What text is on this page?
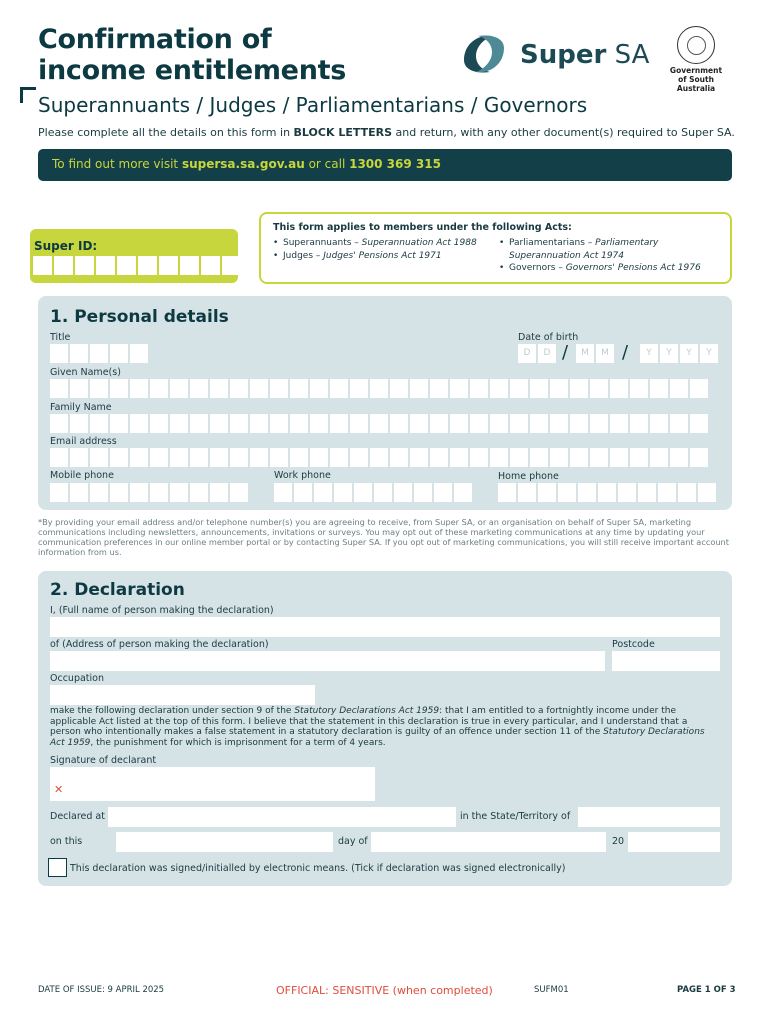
Confirmation of
income entitlements
Superannuants / Judges / Parliamentarians / Governors
Please complete all the details on this form in BLOCK LETTERS and return, with any other document(s) required to Super SA.
Super SA
Government
of South Australia
To find out more visit supersa.sa.gov.au or call 1300 369 315
Super ID:
This form applies to members under the following Acts:
• Superannuants – Superannuation Act 1988
• Judges – Judges' Pensions Act 1971
• Parliamentarians – Parliamentary Superannuation Act 1974
• Governors – Governors' Pensions Act 1976
1. Personal details
Title	Date of birth
D	D /	M	M /	Y	Y	Y	Y
Given Name(s)
Family Name
Email address
Mobile phone	Work phone	Home phone
*By providing your email address and/or telephone number(s) you are agreeing to receive, from Super SA, or an organisation on behalf of Super SA, marketing communications including newsletters, announcements, invitations or surveys. You may opt out of these marketing communications at any time by updating your communication preferences in our online member portal or by contacting Super SA. If you opt out of marketing communications, you will still receive important account information from us.
2. Declaration
I, (Full name of person making the declaration)
of (Address of person making the declaration)	Postcode
Occupation
make the following declaration under section 9 of the Statutory Declarations Act 1959: that I am entitled to a fortnightly income under the applicable Act listed at the top of this form. I believe that the statement in this declaration is true in every particular, and I understand that a person who intentionally makes a false statement in a statutory declaration is guilty of an offence under section 11 of the Statutory Declarations Act 1959, the punishment for which is imprisonment for a term of 4 years.
Signature of declarant
✕
Declared at	in the State/Territory of
on this	day of	20
This declaration was signed/initialled by electronic means. (Tick if declaration was signed electronically)
DATE OF ISSUE: 9 APRIL 2025	OFFICIAL: SENSITIVE (when completed)	SUFM01	PAGE 1 OF 3
